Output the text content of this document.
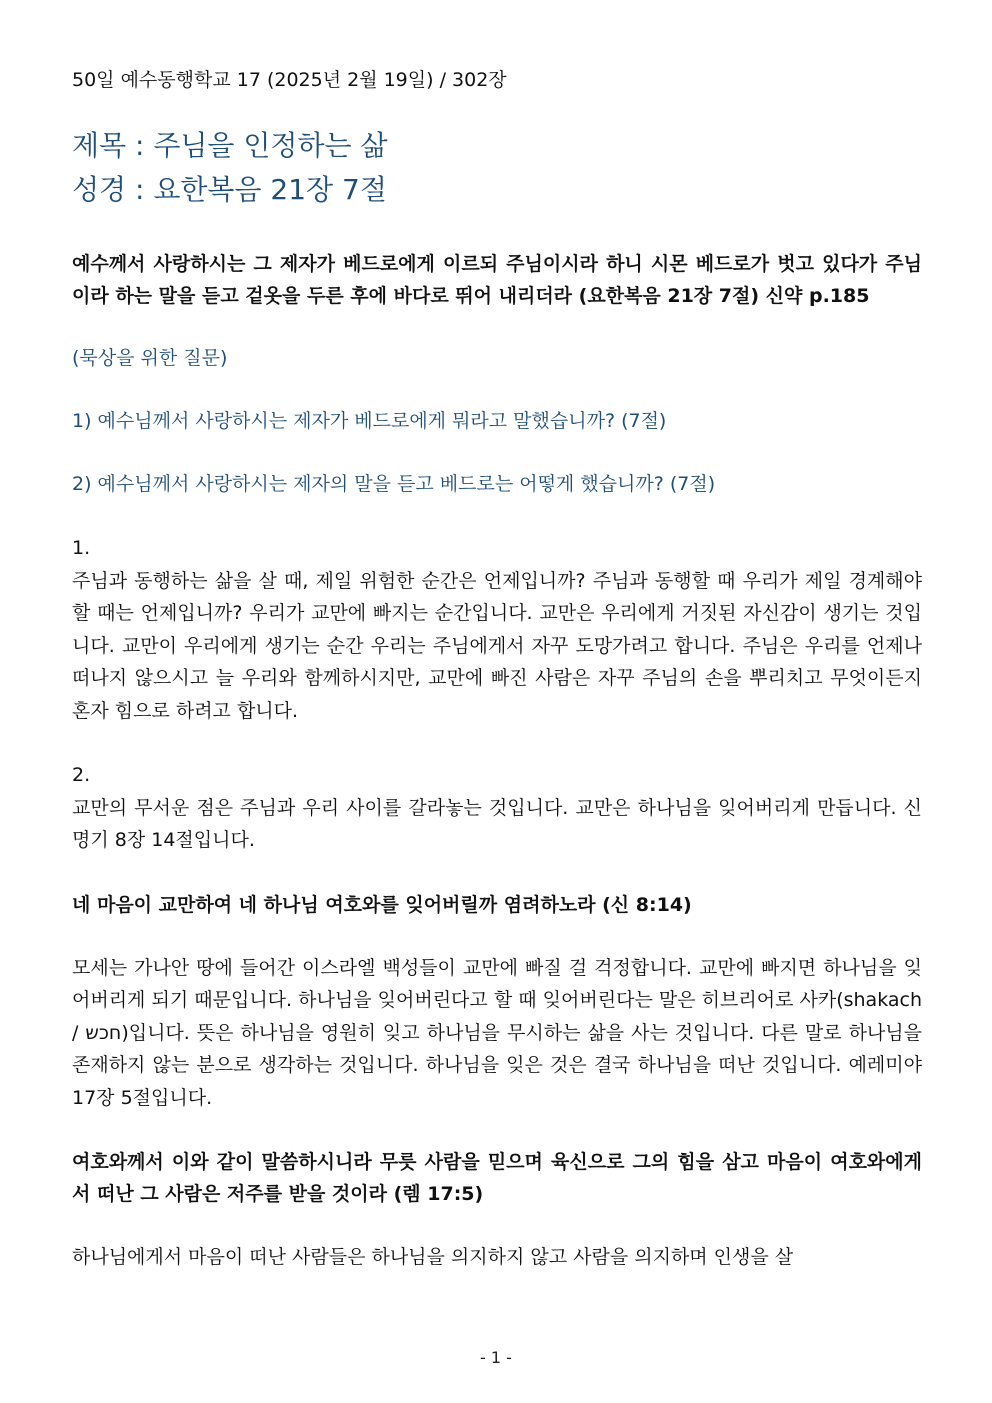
50일 예수동행학교 17 (2025년 2월 19일) / 302장

제목 : 주님을 인정하는 삶

성경 : 요한복음 21장 7절

예수께서 사랑하시는 그 제자가 베드로에게 이르되 주님이시라 하니 시몬 베드로가 벗고 있다가 주님이라 하는 말을 듣고 겉옷을 두른 후에 바다로 뛰어 내리더라 (요한복음 21장 7절) 신약 p.185

(묵상을 위한 질문)

1) 예수님께서 사랑하시는 제자가 베드로에게 뭐라고 말했습니까? (7절)

2) 예수님께서 사랑하시는 제자의 말을 듣고 베드로는 어떻게 했습니까? (7절)

1.
주님과 동행하는 삶을 살 때, 제일 위험한 순간은 언제입니까? 주님과 동행할 때 우리가 제일 경계해야 할 때는 언제입니까? 우리가 교만에 빠지는 순간입니다. 교만은 우리에게 거짓된 자신감이 생기는 것입니다. 교만이 우리에게 생기는 순간 우리는 주님에게서 자꾸 도망가려고 합니다. 주님은 우리를 언제나 떠나지 않으시고 늘 우리와 함께하시지만, 교만에 빠진 사람은 자꾸 주님의 손을 뿌리치고 무엇이든지 혼자 힘으로 하려고 합니다.

2.
교만의 무서운 점은 주님과 우리 사이를 갈라놓는 것입니다. 교만은 하나님을 잊어버리게 만듭니다. 신명기 8장 14절입니다.

네 마음이 교만하여 네 하나님 여호와를 잊어버릴까 염려하노라 (신 8:14)

모세는 가나안 땅에 들어간 이스라엘 백성들이 교만에 빠질 걸 걱정합니다. 교만에 빠지면 하나님을 잊어버리게 되기 때문입니다. 하나님을 잊어버린다고 할 때 잊어버린다는 말은 히브리어로 사카(shakach / חכש)입니다. 뜻은 하나님을 영원히 잊고 하나님을 무시하는 삶을 사는 것입니다. 다른 말로 하나님을 존재하지 않는 분으로 생각하는 것입니다. 하나님을 잊은 것은 결국 하나님을 떠난 것입니다. 예레미야 17장 5절입니다.

여호와께서 이와 같이 말씀하시니라 무릇 사람을 믿으며 육신으로 그의 힘을 삼고 마음이 여호와에게서 떠난 그 사람은 저주를 받을 것이라 (렘 17:5)

하나님에게서 마음이 떠난 사람들은 하나님을 의지하지 않고 사람을 의지하며 인생을 살

- 1 -
